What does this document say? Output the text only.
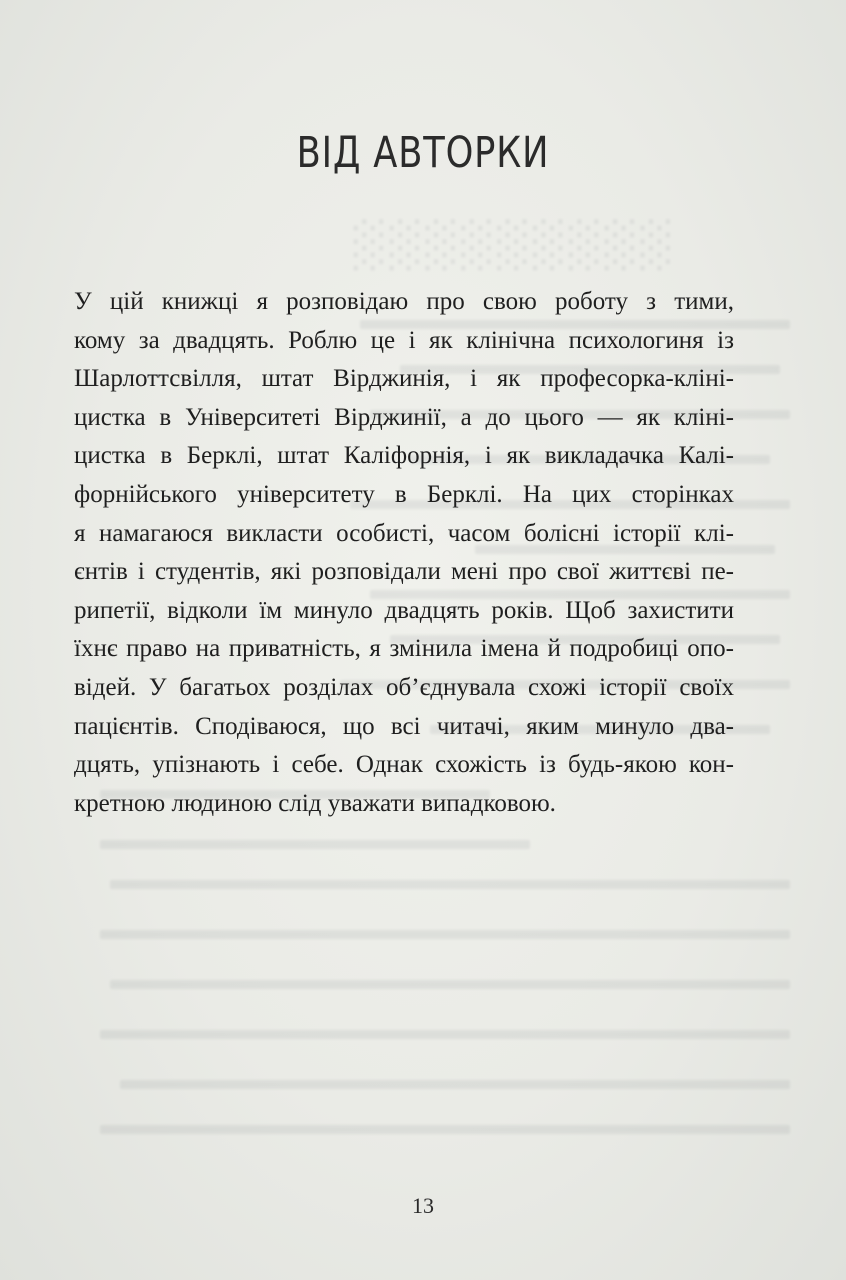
░░░░░░░░░
ВІД АВТОРКИ

У цій книжці я розповідаю про свою роботу з тими,
кому за двадцять. Роблю це і як клінічна психологиня із
Шарлоттсвілля, штат Вірджинія, і як професорка-кліні-
цистка в Університеті Вірджинії, а до цього — як кліні-
цистка в Берклі, штат Каліфорнія, і як викладачка Калі-
форнійського університету в Берклі. На цих сторінках
я намагаюся викласти особисті, часом болісні історії клі-
єнтів і студентів, які розповідали мені про свої життєві пе-
рипетії, відколи їм минуло двадцять років. Щоб захистити
їхнє право на приватність, я змінила імена й подробиці опо-
відей. У багатьох розділах об’єднувала схожі історії своїх
пацієнтів. Сподіваюся, що всі читачі, яким минуло два-
дцять, упізнають і себе. Однак схожість із будь-якою кон-
кретною людиною слід уважати випадковою.

13
